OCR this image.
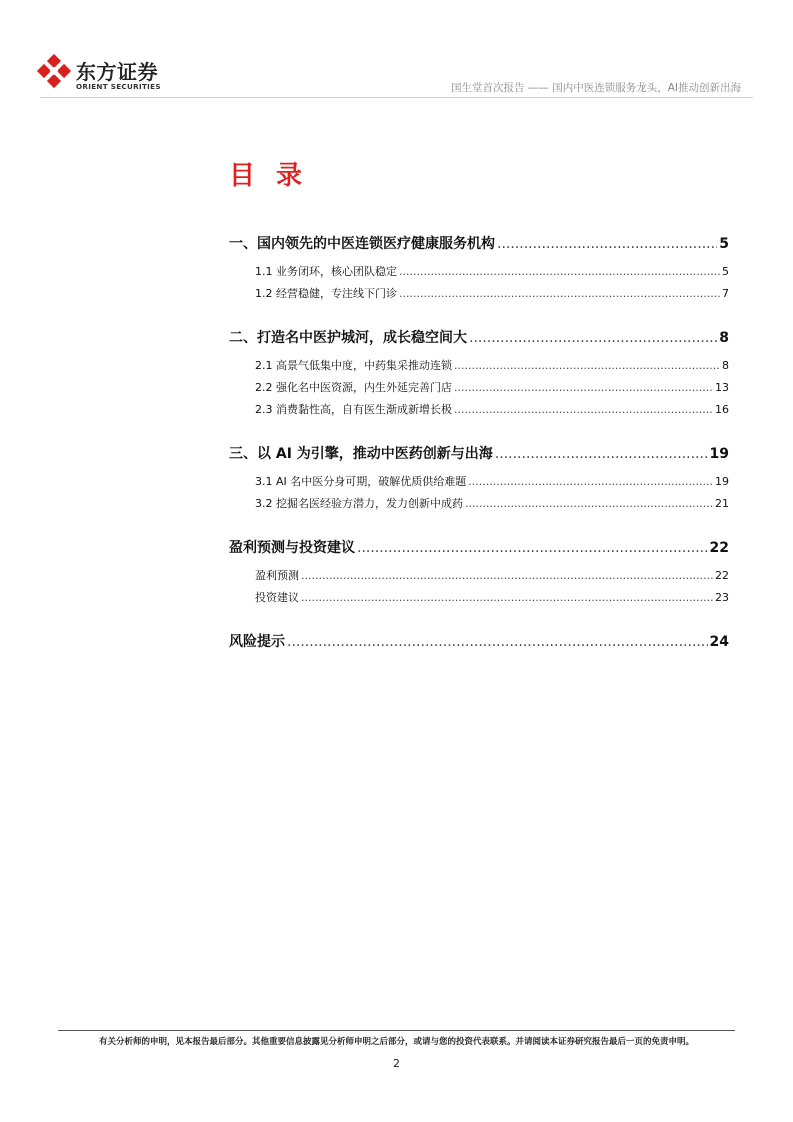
东方证券
ORIENT SECURITIES	国生堂首次报告 —— 国内中医连锁服务龙头，AI推动创新出海
目 录
一、国内领先的中医连锁医疗健康服务机构 .....	5
1.1 业务闭环，核心团队稳定 .....	5
1.2 经营稳健，专注线下门诊 .....	7
二、打造名中医护城河，成长稳空间大 .....	8
2.1 高景气低集中度，中药集采推动连锁 .....	8
2.2 强化名中医资源，内生外延完善门店 .....	13
2.3 消费黏性高，自有医生渐成新增长极 .....	16
三、以 AI 为引擎，推动中医药创新与出海 .....	19
3.1 AI 名中医分身可期，破解优质供给难题 .....	19
3.2 挖掘名医经验方潜力，发力创新中成药 .....	21
盈利预测与投资建议 .....	22
盈利预测 .....	22
投资建议 .....	23
风险提示 .....	24
有关分析师的申明，见本报告最后部分。其他重要信息披露见分析师申明之后部分，或请与您的投资代表联系。并请阅读本证券研究报告最后一页的免责申明。
2
